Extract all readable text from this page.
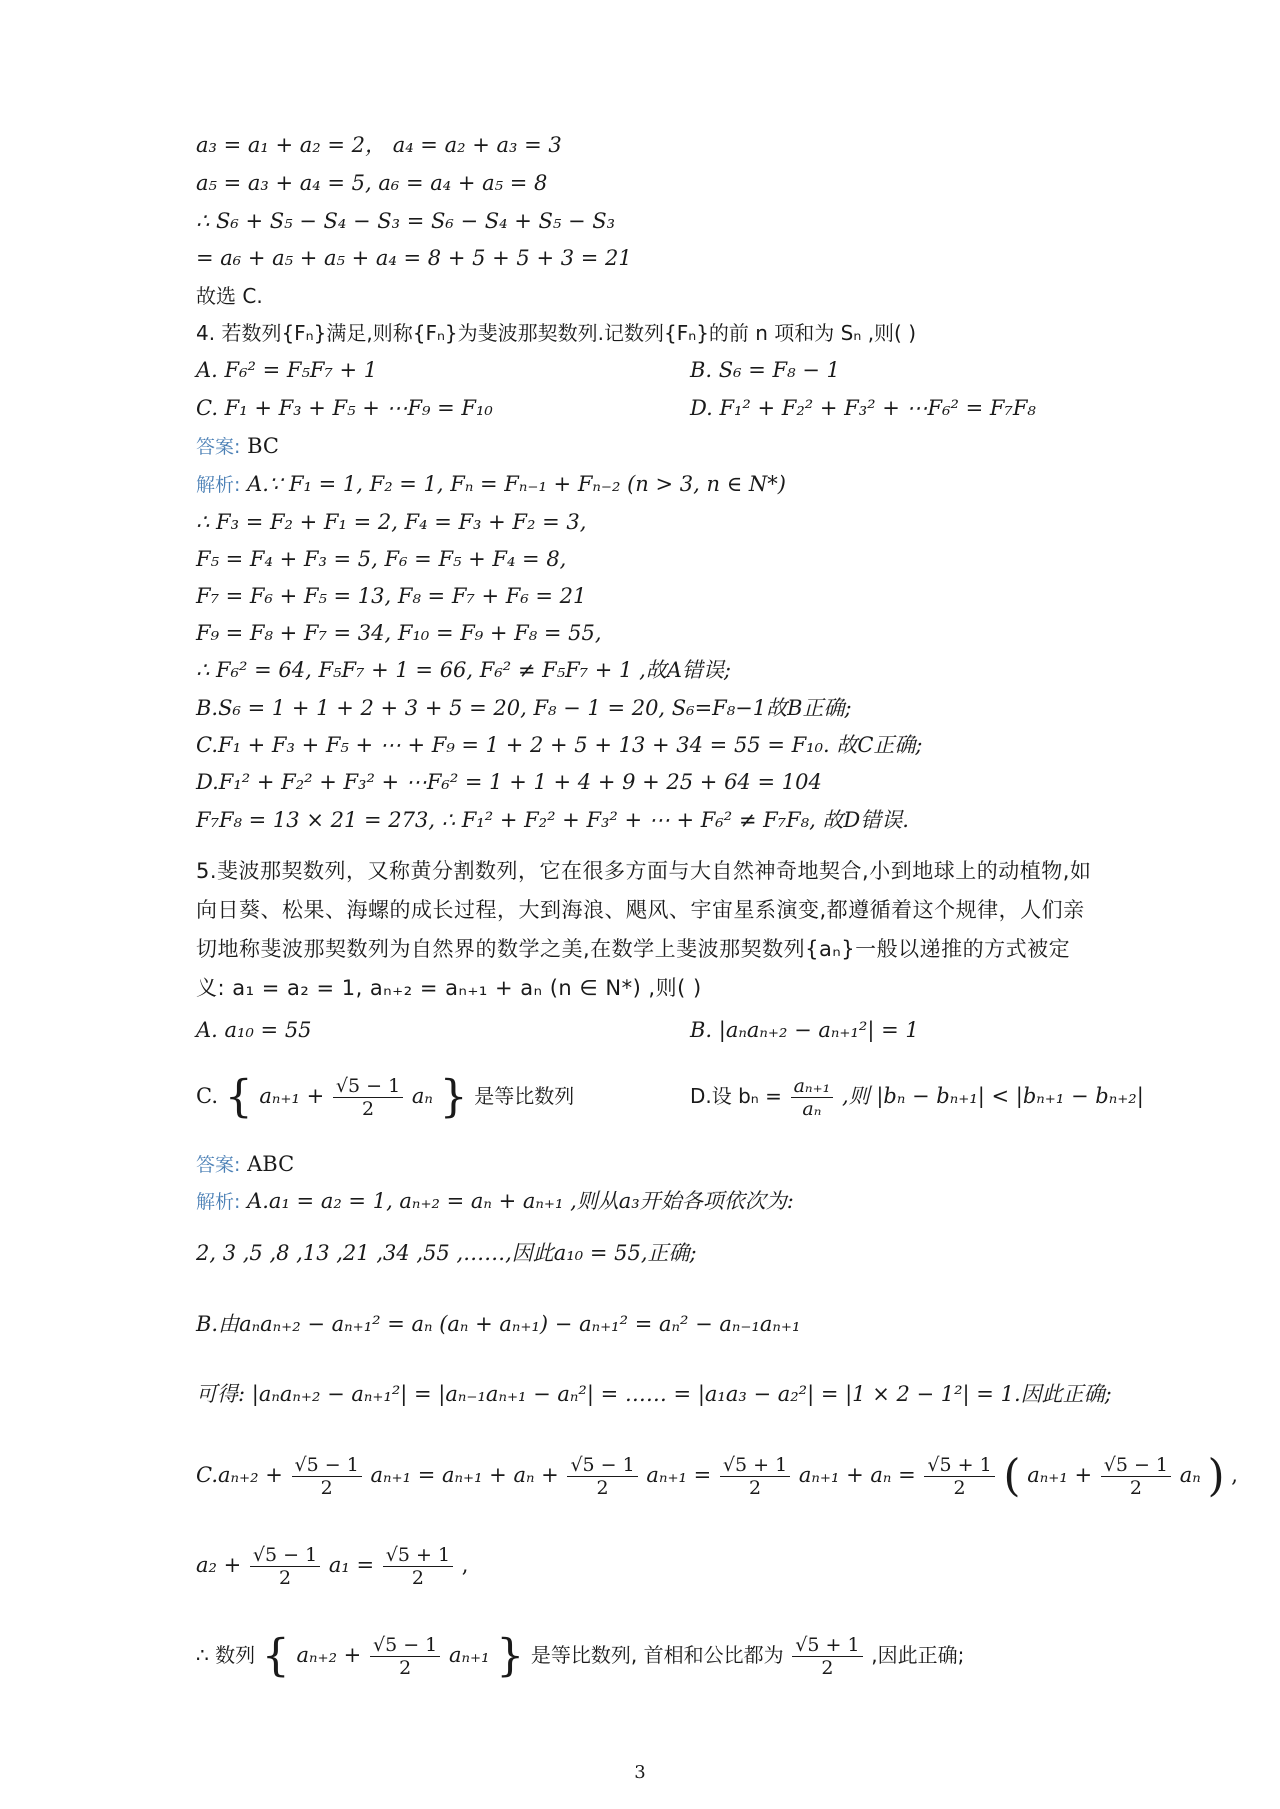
a₃ = a₁ + a₂ = 2， a₄ = a₂ + a₃ = 3
a₅ = a₃ + a₄ = 5, a₆ = a₄ + a₅ = 8
∴ S₆ + S₅ − S₄ − S₃ = S₆ − S₄ + S₅ − S₃
= a₆ + a₅ + a₅ + a₄ = 8 + 5 + 5 + 3 = 21
故选 C.
4. 若数列{Fₙ}满足,则称{Fₙ}为斐波那契数列.记数列{Fₙ}的前 n 项和为 Sₙ ,则( )
A. F₆² = F₅F₇ + 1	B. S₆ = F₈ − 1
C. F₁ + F₃ + F₅ + ⋯F₉ = F₁₀	D. F₁² + F₂² + F₃² + ⋯F₆² = F₇F₈
答案: BC
解析: A.∵ F₁ = 1, F₂ = 1, Fₙ = Fₙ₋₁ + Fₙ₋₂ (n > 3, n ∈ N*)
∴ F₃ = F₂ + F₁ = 2, F₄ = F₃ + F₂ = 3,
F₅ = F₄ + F₃ = 5, F₆ = F₅ + F₄ = 8,
F₇ = F₆ + F₅ = 13, F₈ = F₇ + F₆ = 21
F₉ = F₈ + F₇ = 34, F₁₀ = F₉ + F₈ = 55,
∴ F₆² = 64, F₅F₇ + 1 = 66, F₆² ≠ F₅F₇ + 1 ,故A错误;
B.S₆ = 1 + 1 + 2 + 3 + 5 = 20, F₈ − 1 = 20, S₆=F₈−1故B正确;
C.F₁ + F₃ + F₅ + ⋯ + F₉ = 1 + 2 + 5 + 13 + 34 = 55 = F₁₀. 故C正确;
D.F₁² + F₂² + F₃² + ⋯F₆² = 1 + 1 + 4 + 9 + 25 + 64 = 104
F₇F₈ = 13 × 21 = 273, ∴ F₁² + F₂² + F₃² + ⋯ + F₆² ≠ F₇F₈, 故D错误.
5.斐波那契数列，又称黄分割数列，它在很多方面与大自然神奇地契合,小到地球上的动植物,如向日葵、松果、海螺的成长过程，大到海浪、飓风、宇宙星系演变,都遵循着这个规律，人们亲切地称斐波那契数列为自然界的数学之美,在数学上斐波那契数列{aₙ}一般以递推的方式被定义: a₁ = a₂ = 1, aₙ₊₂ = aₙ₊₁ + aₙ (n ∈ N*) ,则( )
A. a₁₀ = 55	B. |aₙaₙ₊₂ − aₙ₊₁²| = 1
C. { $a_{n+1} + \frac{√5 - 1}{2}$ aₙ } 是等比数列	D.设 $b_n = \frac{\text{aₙ₊₁}}{\text{aₙ}}$ ,则 |bₙ − bₙ₊₁| < |bₙ₊₁ − bₙ₊₂|
答案: ABC
解析: A.a₁ = a₂ = 1, aₙ₊₂ = aₙ + aₙ₊₁ ,则从a₃开始各项依次为:
2, 3 ,5 ,8 ,13 ,21 ,34 ,55 ,……,因此a₁₀ = 55,正确;
B.由aₙaₙ₊₂ − aₙ₊₁² = aₙ (aₙ + aₙ₊₁) − aₙ₊₁² = aₙ² − aₙ₋₁aₙ₊₁
可得: |aₙaₙ₊₂ − aₙ₊₁²| = |aₙ₋₁aₙ₊₁ − aₙ²| = …… = |a₁a₃ − a₂²| = |1 × 2 − 1²| = 1.因此正确;
$C.a_{n+2} + \frac{√5 - 1}{2} a_{n+1} = a_{n+1} + a_n + \frac{√5 - 1}{2} a_{n+1} = \frac{√5 + 1}{2} a_{n+1} + a_n = \frac{√5 + 1}{2}$ ( $a_{n+1} + \frac{√5 - 1}{2}$ aₙ ) ,
$a_2 + \frac{√5 - 1}{2} a_1 = \frac{√5 + 1}{2}$ ,
∴ 数列 { $a_{n+2} + \frac{√5 - 1}{2} a_{n+1}$ } 是等比数列, 首相和公比都为 $\frac{√5 + 1}{2}$ ,因此正确;
3
